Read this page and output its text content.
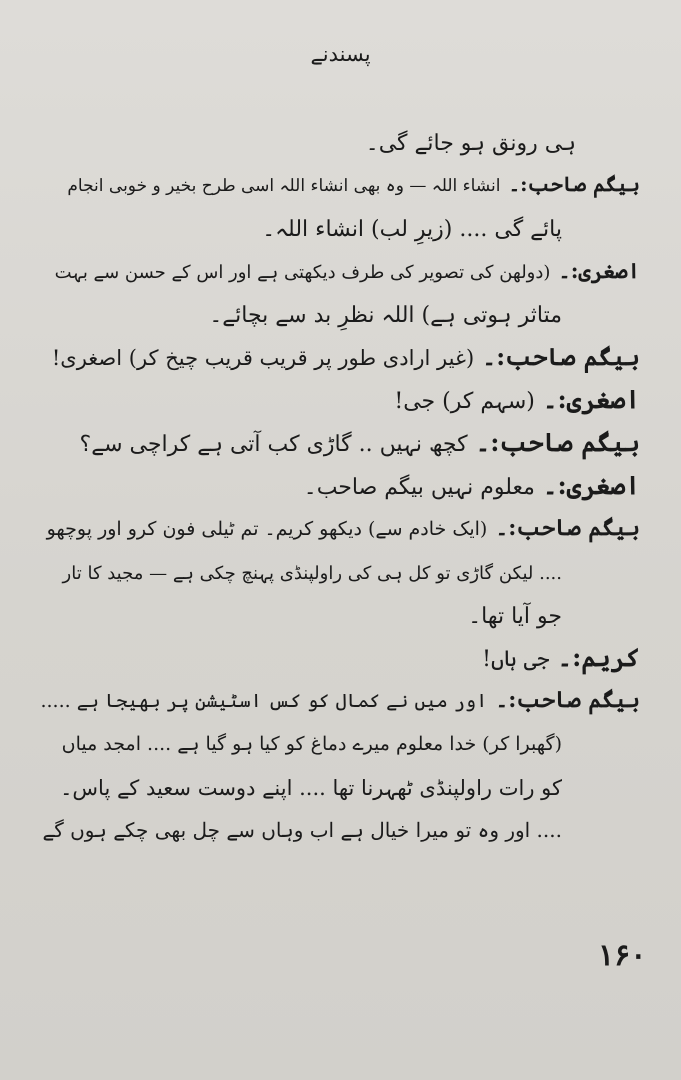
پسندنے
ہی رونق ہو جائے گی۔
بیگم صاحب:۔انشاء اللہ — وہ بھی انشاء اللہ اسی طرح بخیر و خوبی انجام
پائے گی .... (زیرِ لب) انشاء اللہ۔
اصغری:۔(دولھن کی تصویر کی طرف دیکھتی ہے اور اس کے حسن سے بہت
متاثر ہوتی ہے) اللہ نظرِ بد سے بچائے۔
بیگم صاحب:۔(غیر ارادی طور پر قریب قریب چیخ کر) اصغری!
اصغری:۔(سہم کر) جی!
بیگم صاحب:۔کچھ نہیں .. گاڑی کب آتی ہے کراچی سے؟
اصغری:۔معلوم نہیں بیگم صاحب۔
بیگم صاحب:۔(ایک خادم سے) دیکھو کریم۔ تم ٹیلی فون کرو اور پوچھو
.... لیکن گاڑی تو کل ہی کی راولپنڈی پہنچ چکی ہے — مجید کا تار
جو آیا تھا۔
کریم:۔جی ہاں!
بیگم صاحب:۔اور میں نے کمال کو کس اسٹیشن پر بھیجا ہے .....
(گھبرا کر) خدا معلوم میرے دماغ کو کیا ہو گیا ہے .... امجد میاں
کو رات راولپنڈی ٹھہرنا تھا .... اپنے دوست سعید کے پاس۔
.... اور وہ تو میرا خیال ہے اب وہاں سے چل بھی چکے ہوں گے
۱۶۰
